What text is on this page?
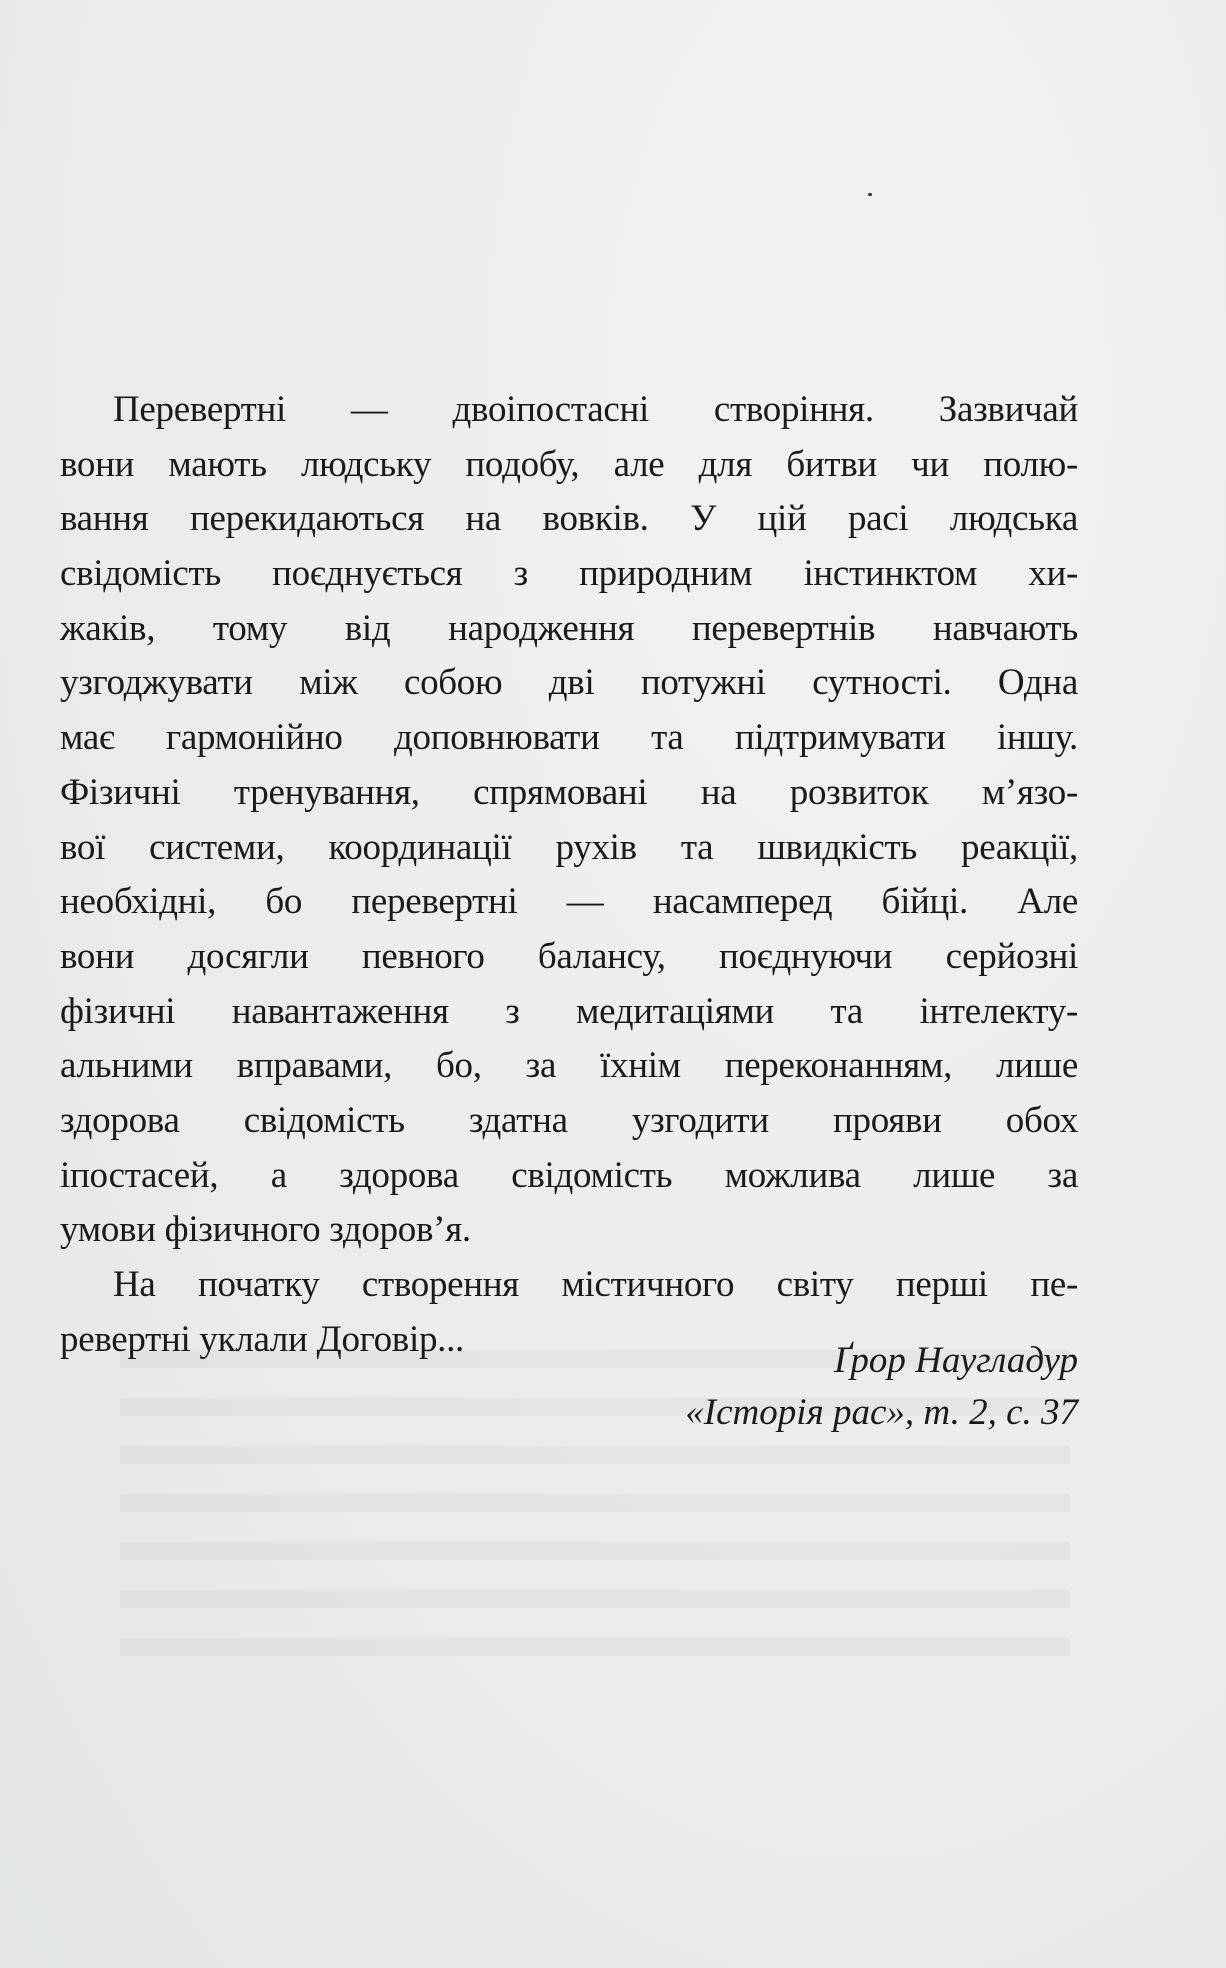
Перевертні — двоіпостасні створіння. Зазвичай
вони мають людську подобу, але для битви чи полю-
вання перекидаються на вовків. У цій расі людська
свідомість поєднується з природним інстинктом хи-
жаків, тому від народження перевертнів навчають
узгоджувати між собою дві потужні сутності. Одна
має гармонійно доповнювати та підтримувати іншу.
Фізичні тренування, спрямовані на розвиток м’язо-
вої системи, координації рухів та швидкість реакції,
необхідні, бо перевертні — насамперед бійці. Але
вони досягли певного балансу, поєднуючи серйозні
фізичні навантаження з медитаціями та інтелекту-
альними вправами, бо, за їхнім переконанням, лише
здорова свідомість здатна узгодити прояви обох
іпостасей, а здорова свідомість можлива лише за
умови фізичного здоров’я.
На початку створення містичного світу перші пе-
ревертні уклали Договір...
Ґрор Наугладур
«Історія рас», т. 2, с. 37
